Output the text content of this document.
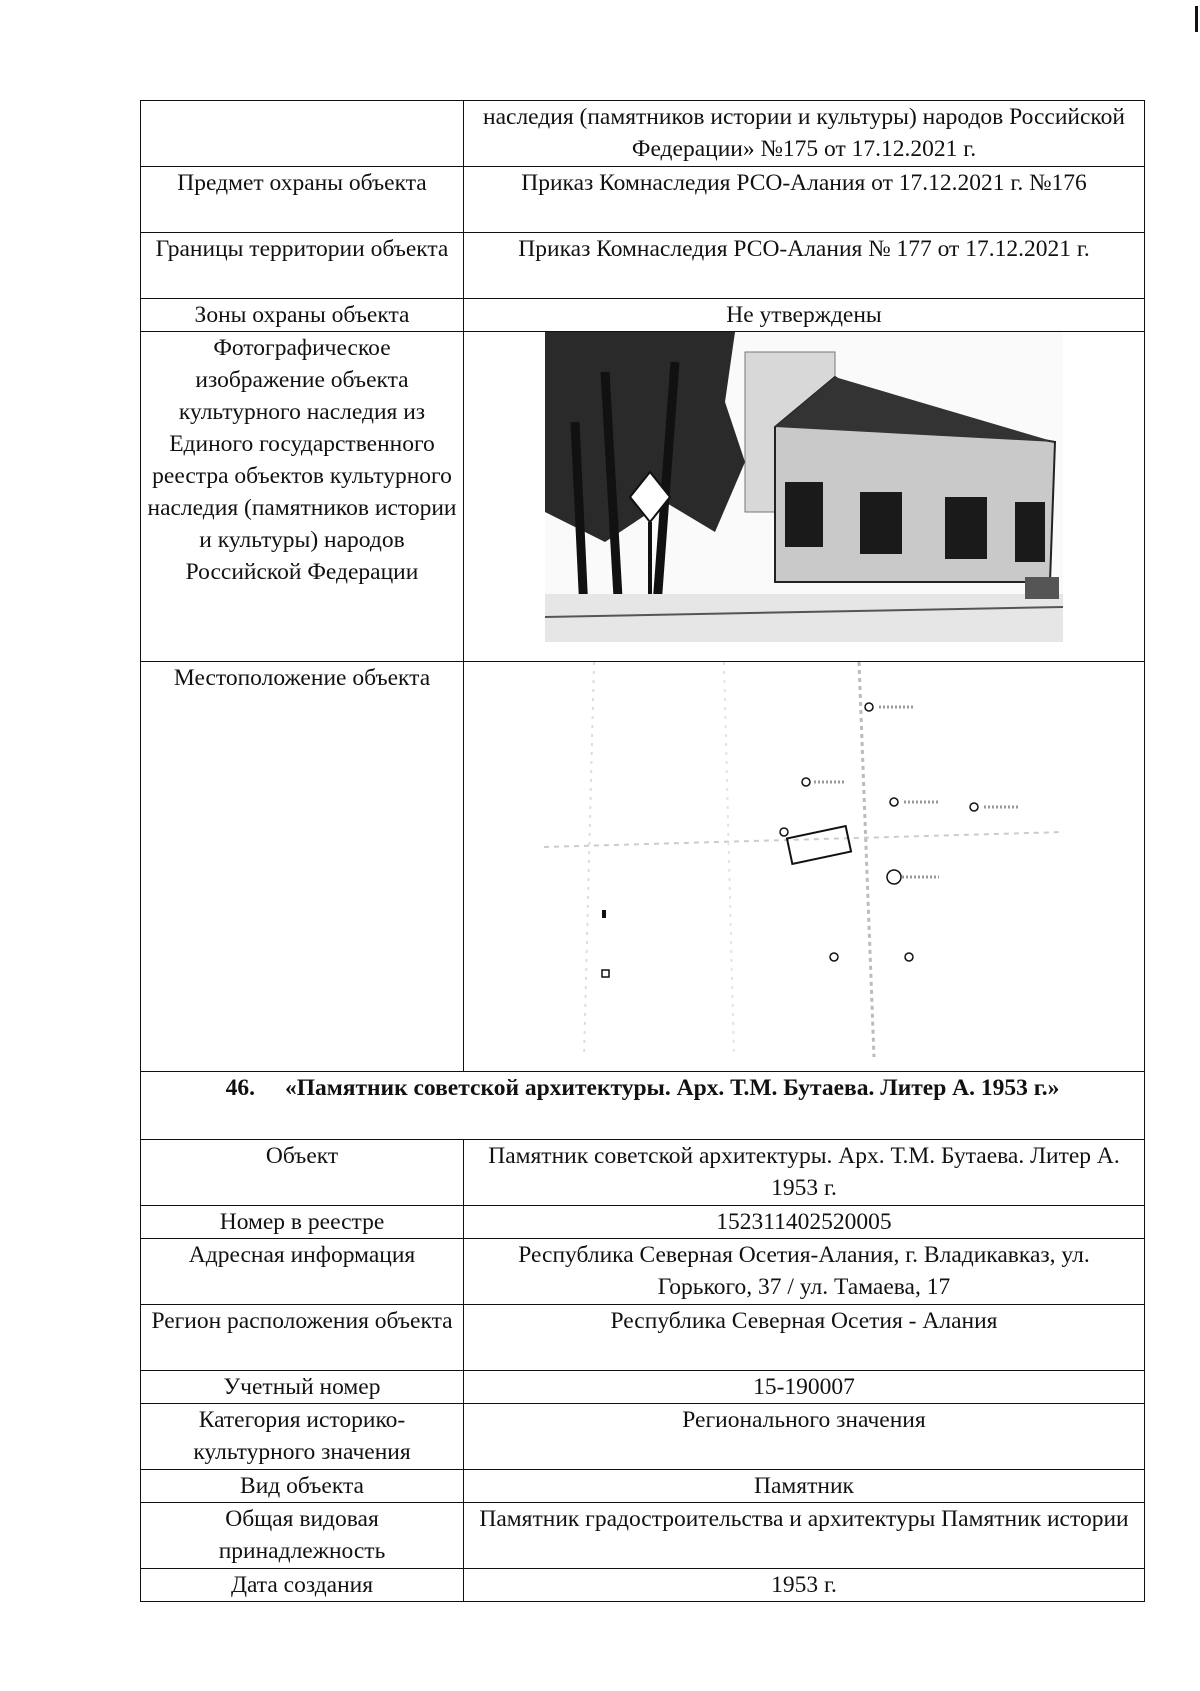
	наследия (памятников истории и культуры) народов Российской Федерации» №175 от 17.12.2021 г.
Предмет охраны объекта	Приказ Комнаследия РСО-Алания от 17.12.2021 г. №176
Границы территории объекта	Приказ Комнаследия РСО-Алания № 177 от 17.12.2021 г.
Зоны охраны объекта	Не утверждены
Фотографическое изображение объекта культурного наследия из Единого государственного реестра объектов культурного наследия (памятников истории и культуры) народов Российской Федерации	

Местоположение объекта	

46. «Памятник советской архитектуры. Арх. Т.М. Бутаева. Литер А. 1953 г.»	
Объект	Памятник советской архитектуры. Арх. Т.М. Бутаева. Литер А. 1953 г.
Номер в реестре	152311402520005
Адресная информация	Республика Северная Осетия-Алания, г. Владикавказ, ул. Горького, 37 / ул. Тамаева, 17
Регион расположения объекта	Республика Северная Осетия - Алания
Учетный номер	15-190007
Категория историко-культурного значения	Регионального значения
Вид объекта	Памятник
Общая видовая принадлежность	Памятник градостроительства и архитектуры Памятник истории
Дата создания	1953 г.
